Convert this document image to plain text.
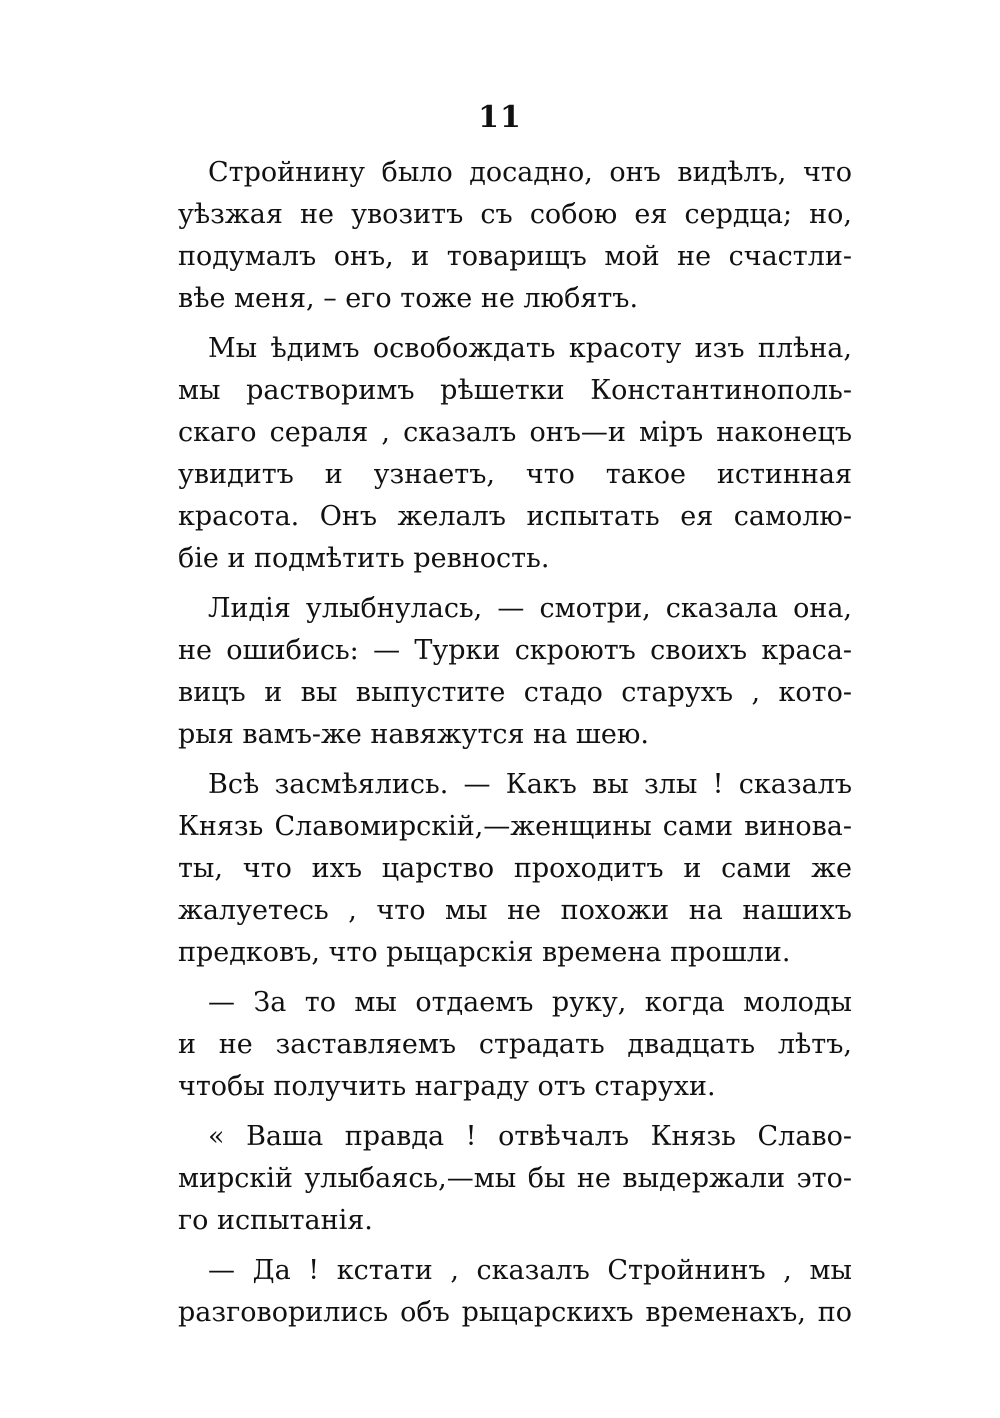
11
Стройнину было досадно, онъ видѣлъ, что
уѣзжая не увозитъ съ собою ея сердца; но,
подумалъ онъ, и товарищъ мой не счастли-
вѣе меня, – его тоже не любятъ.
Мы ѣдимъ освобождать красоту изъ плѣна,
мы растворимъ рѣшетки Константинополь-
скаго сераля , сказалъ онъ—и міръ наконецъ
увидитъ и узнаетъ, что такое истинная
красота. Онъ желалъ испытать ея самолю-
біе и подмѣтить ревность.
Лидія улыбнулась, — смотри, сказала она,
не ошибись: — Турки скроютъ своихъ краса-
вицъ и вы выпустите стадо старухъ , кото-
рыя вамъ-же навяжутся на шею.
Всѣ засмѣялись. — Какъ вы злы ! сказалъ
Князь Славомирскій,—женщины сами винова-
ты, что ихъ царство проходитъ и сами же
жалуетесь , что мы не похожи на нашихъ
предковъ, что рыцарскія времена прошли.
— За то мы отдаемъ руку, когда молоды
и не заставляемъ страдать двадцать лѣтъ,
чтобы получить награду отъ старухи.
« Ваша правда ! отвѣчалъ Князь Славо-
мирскій улыбаясь,—мы бы не выдержали это-
го испытанія.
— Да ! кстати , сказалъ Стройнинъ , мы
разговорились объ рыцарскихъ временахъ, по
